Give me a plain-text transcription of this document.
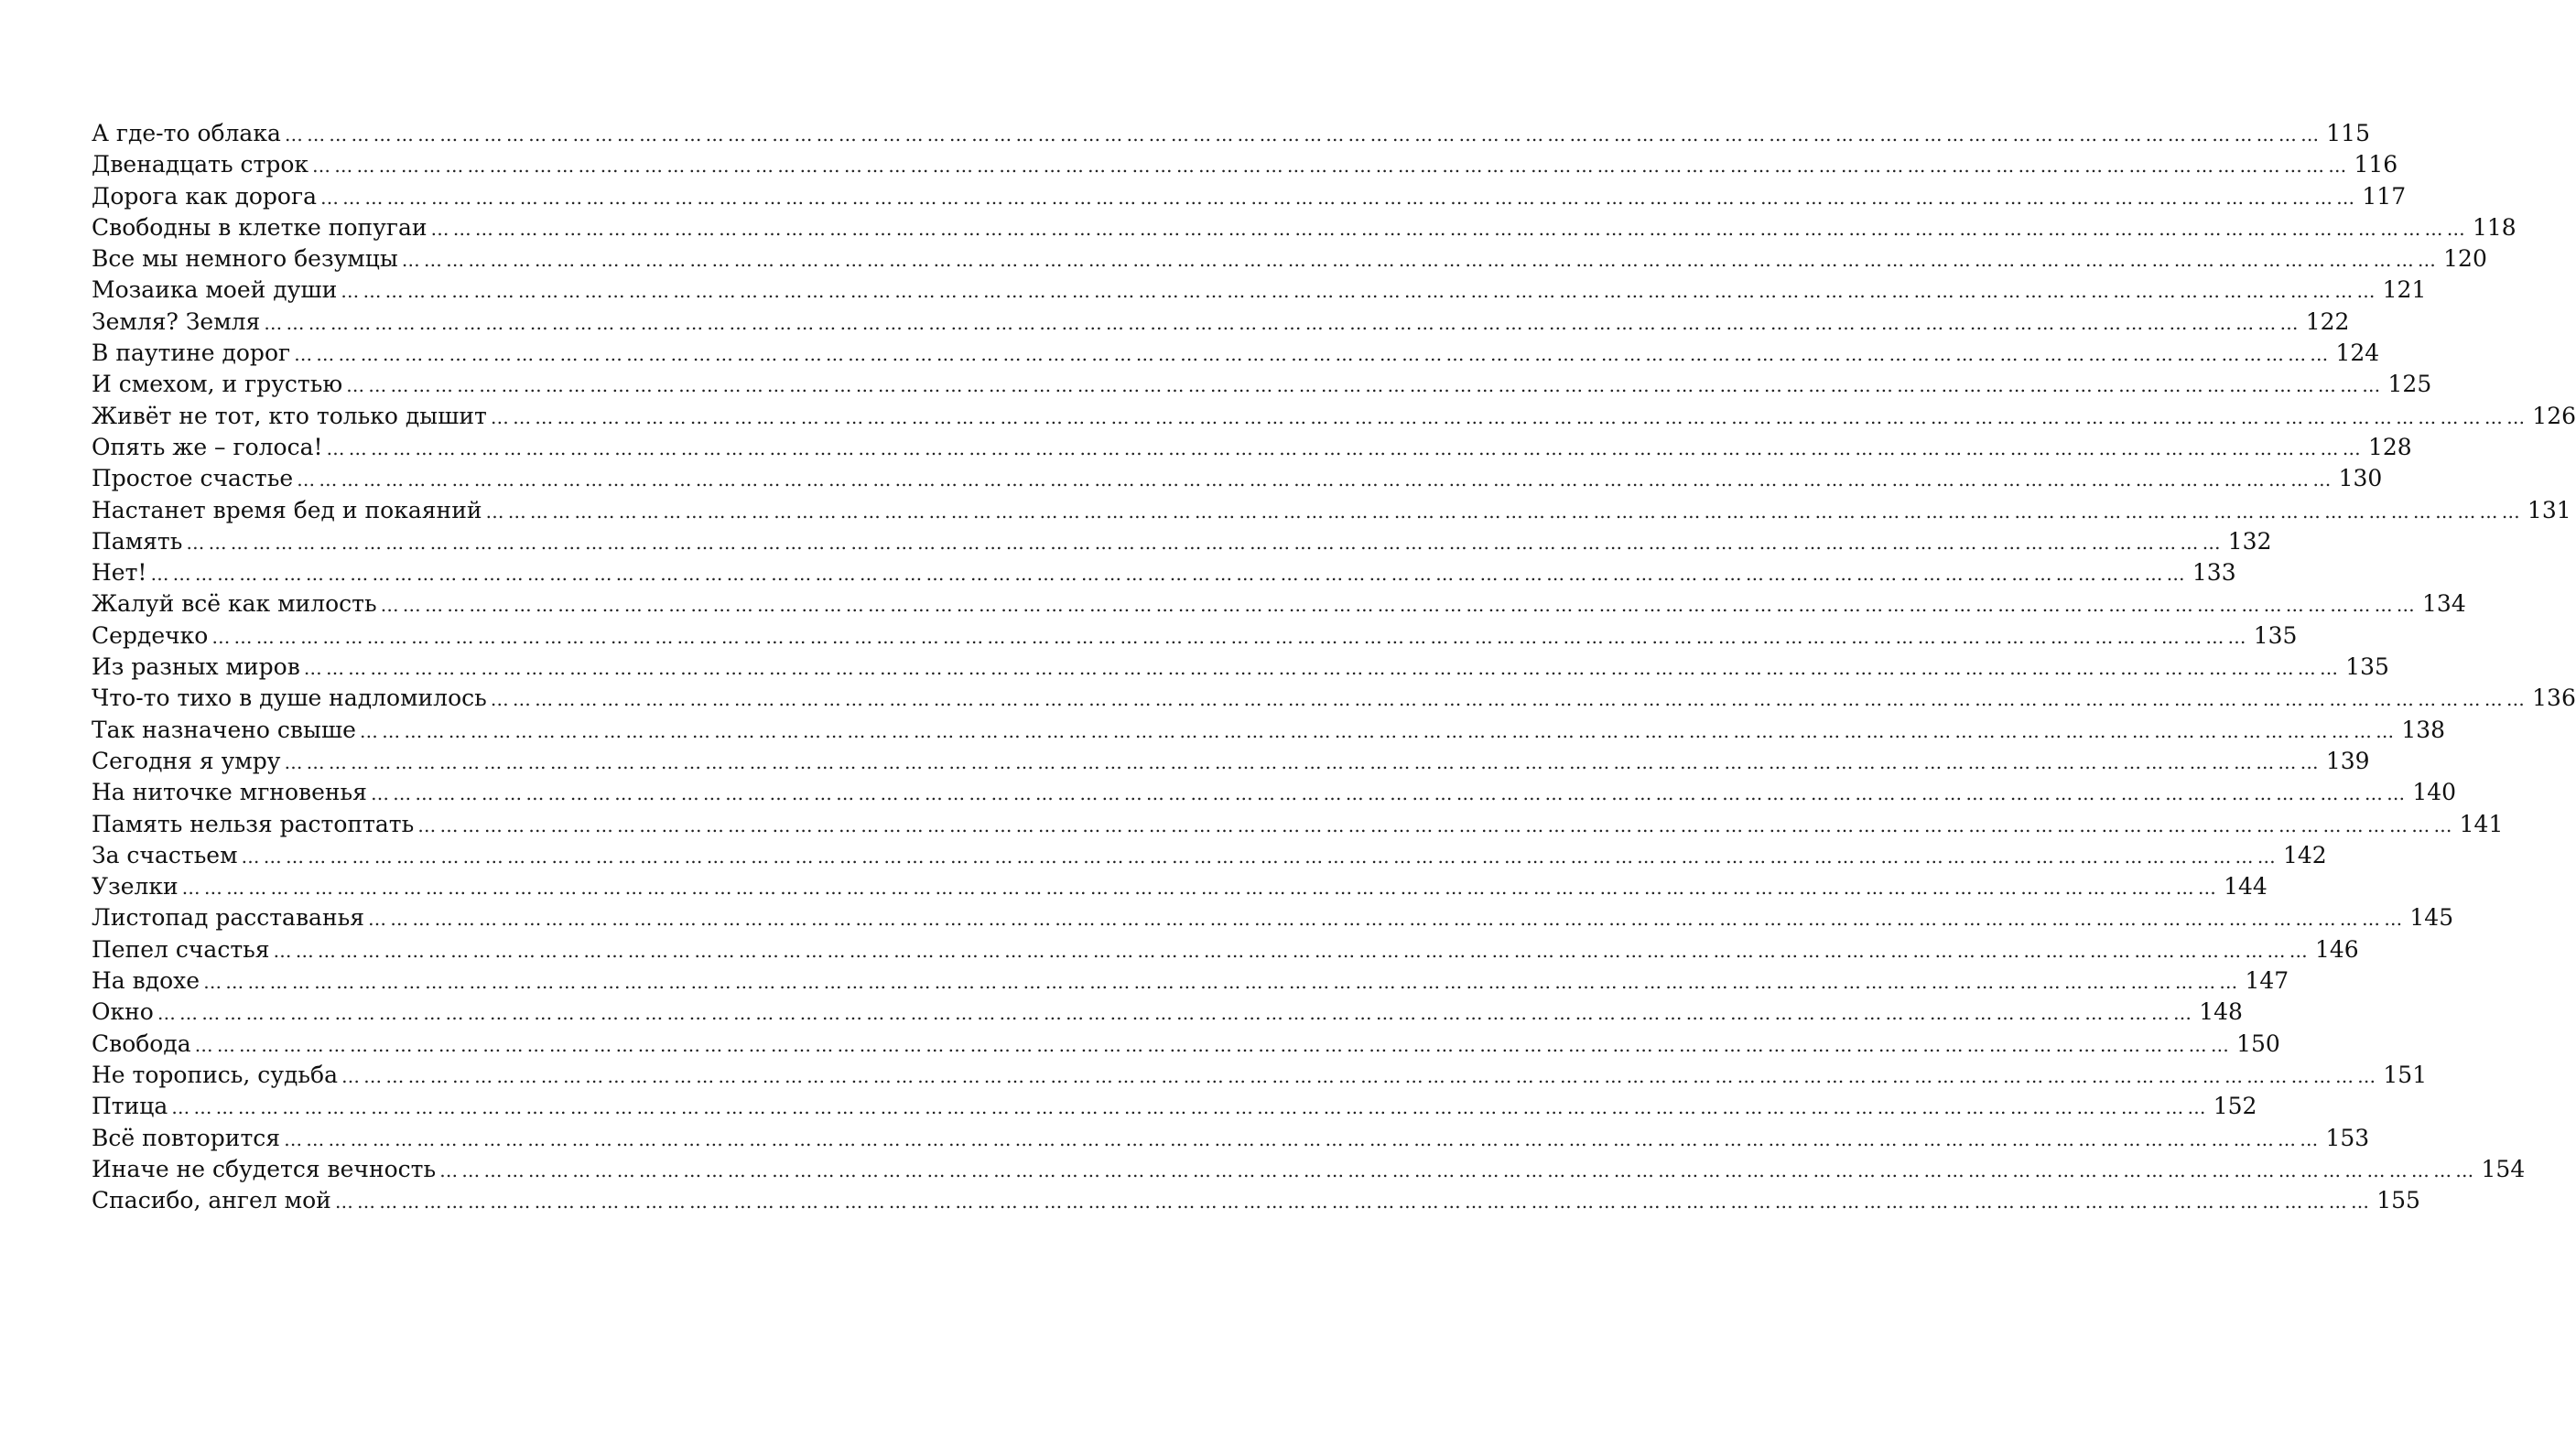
А где-то облака …………………………………………………………………………………………………………………………………………………………………………………………………………………………………………………… 115
Двенадцать строк …………………………………………………………………………………………………………………………………………………………………………………………………………………………………………………… 116
Дорога как дорога …………………………………………………………………………………………………………………………………………………………………………………………………………………………………………………… 117
Свободны в клетке попугаи …………………………………………………………………………………………………………………………………………………………………………………………………………………………………………………… 118
Все мы немного безумцы …………………………………………………………………………………………………………………………………………………………………………………………………………………………………………………… 120
Мозаика моей души …………………………………………………………………………………………………………………………………………………………………………………………………………………………………………………… 121
Земля? Земля …………………………………………………………………………………………………………………………………………………………………………………………………………………………………………………… 122
В паутине дорог …………………………………………………………………………………………………………………………………………………………………………………………………………………………………………………… 124
И смехом, и грустью …………………………………………………………………………………………………………………………………………………………………………………………………………………………………………………… 125
Живёт не тот, кто только дышит …………………………………………………………………………………………………………………………………………………………………………………………………………………………………………………… 126
Опять же – голоса! …………………………………………………………………………………………………………………………………………………………………………………………………………………………………………………… 128
Простое счастье …………………………………………………………………………………………………………………………………………………………………………………………………………………………………………………… 130
Настанет время бед и покаяний …………………………………………………………………………………………………………………………………………………………………………………………………………………………………………………… 131
Память …………………………………………………………………………………………………………………………………………………………………………………………………………………………………………………… 132
Нет! …………………………………………………………………………………………………………………………………………………………………………………………………………………………………………………… 133
Жалуй всё как милость …………………………………………………………………………………………………………………………………………………………………………………………………………………………………………………… 134
Сердечко …………………………………………………………………………………………………………………………………………………………………………………………………………………………………………………… 135
Из разных миров …………………………………………………………………………………………………………………………………………………………………………………………………………………………………………………… 135
Что-то тихо в душе надломилось …………………………………………………………………………………………………………………………………………………………………………………………………………………………………………………… 136
Так назначено свыше …………………………………………………………………………………………………………………………………………………………………………………………………………………………………………………… 138
Сегодня я умру …………………………………………………………………………………………………………………………………………………………………………………………………………………………………………………… 139
На ниточке мгновенья …………………………………………………………………………………………………………………………………………………………………………………………………………………………………………………… 140
Память нельзя растоптать …………………………………………………………………………………………………………………………………………………………………………………………………………………………………………………… 141
За счастьем …………………………………………………………………………………………………………………………………………………………………………………………………………………………………………………… 142
Узелки …………………………………………………………………………………………………………………………………………………………………………………………………………………………………………………… 144
Листопад расставанья …………………………………………………………………………………………………………………………………………………………………………………………………………………………………………………… 145
Пепел счастья …………………………………………………………………………………………………………………………………………………………………………………………………………………………………………………… 146
На вдохе …………………………………………………………………………………………………………………………………………………………………………………………………………………………………………………… 147
Окно …………………………………………………………………………………………………………………………………………………………………………………………………………………………………………………… 148
Свобода …………………………………………………………………………………………………………………………………………………………………………………………………………………………………………………… 150
Не торопись, судьба …………………………………………………………………………………………………………………………………………………………………………………………………………………………………………………… 151
Птица …………………………………………………………………………………………………………………………………………………………………………………………………………………………………………………… 152
Всё повторится …………………………………………………………………………………………………………………………………………………………………………………………………………………………………………………… 153
Иначе не сбудется вечность …………………………………………………………………………………………………………………………………………………………………………………………………………………………………………………… 154
Спасибо, ангел мой …………………………………………………………………………………………………………………………………………………………………………………………………………………………………………………… 155
